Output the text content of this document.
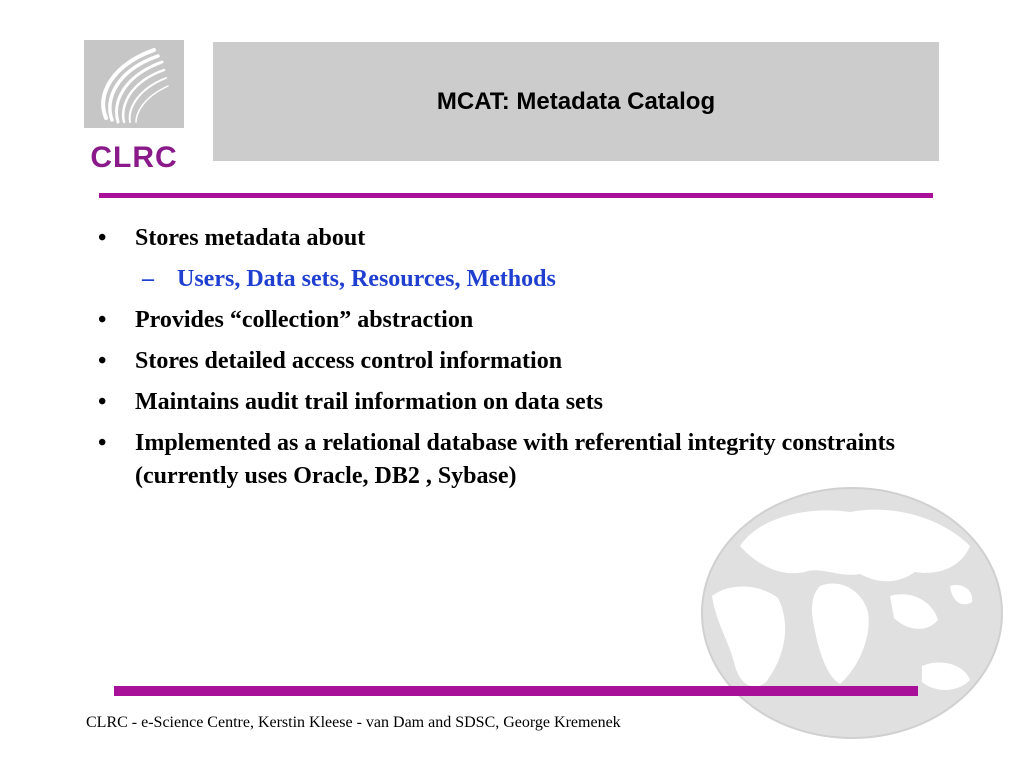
CLRC
MCAT: Metadata Catalog
• Stores metadata about
– Users, Data sets, Resources, Methods
• Provides “collection” abstraction
• Stores detailed access control information
• Maintains audit trail information on data sets
• Implemented as a relational database with referential integrity constraints (currently uses Oracle, DB2 , Sybase)
CLRC - e-Science Centre, Kerstin Kleese - van Dam and SDSC, George Kremenek
